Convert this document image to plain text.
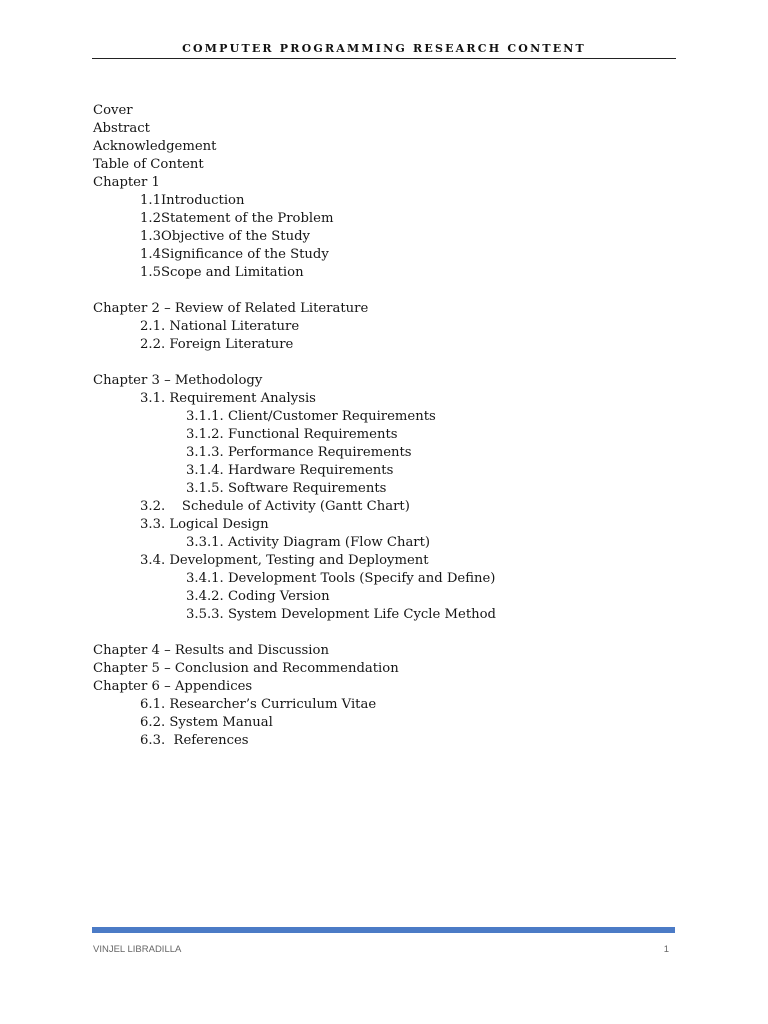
COMPUTER PROGRAMMING RESEARCH CONTENT
Cover
Abstract
Acknowledgement
Table of Content
Chapter 1
1.1Introduction
1.2Statement of the Problem
1.3Objective of the Study
1.4Significance of the Study
1.5Scope and Limitation
Chapter 2 – Review of Related Literature
2.1. National Literature
2.2. Foreign Literature
Chapter 3 – Methodology
3.1. Requirement Analysis
3.1.1. Client/Customer Requirements
3.1.2. Functional Requirements
3.1.3. Performance Requirements
3.1.4. Hardware Requirements
3.1.5. Software Requirements
3.2.    Schedule of Activity (Gantt Chart)
3.3. Logical Design
3.3.1. Activity Diagram (Flow Chart)
3.4. Development, Testing and Deployment
3.4.1. Development Tools (Specify and Define)
3.4.2. Coding Version
3.5.3. System Development Life Cycle Method
Chapter 4 – Results and Discussion
Chapter 5 – Conclusion and Recommendation
Chapter 6 – Appendices
6.1. Researcher’s Curriculum Vitae
6.2. System Manual
6.3.  References
VINJEL LIBRADILLA	1
